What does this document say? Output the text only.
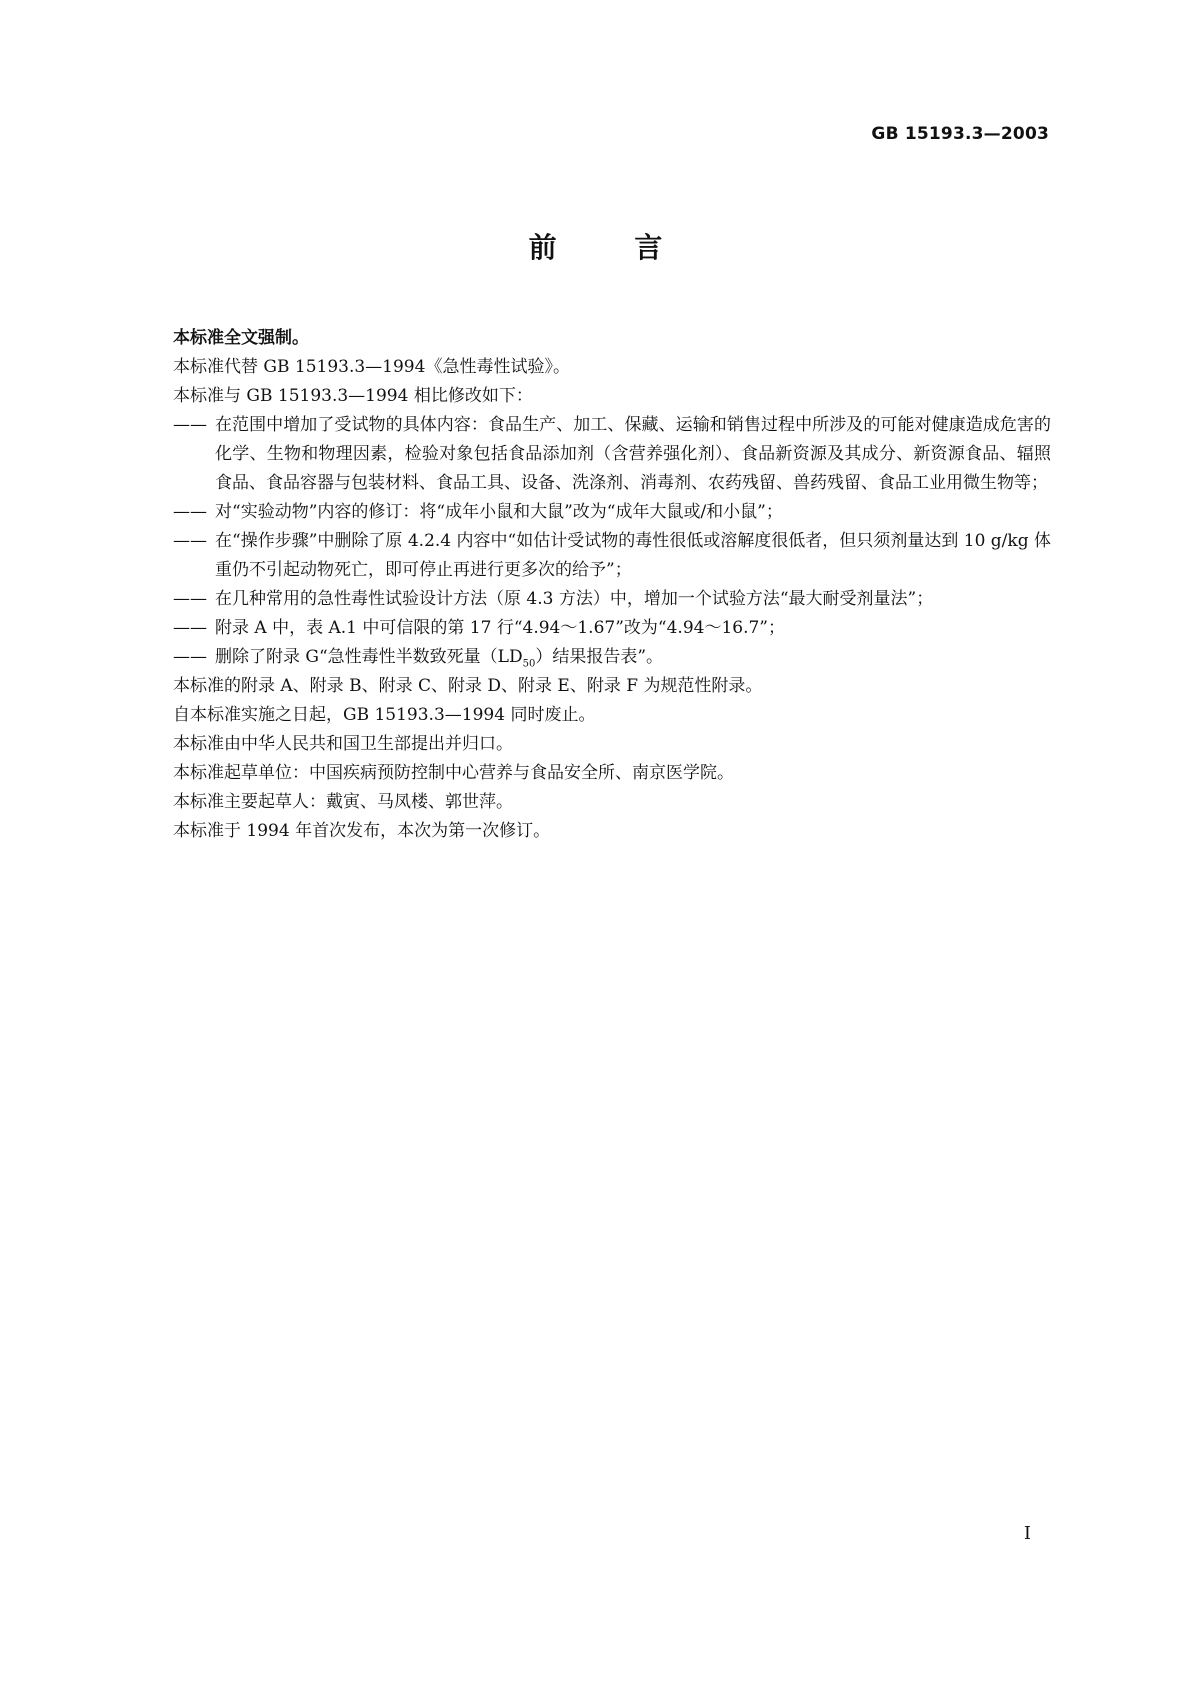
GB 15193.3—2003
前 言

本标准全文强制。

本标准代替 GB 15193.3—1994《急性毒性试验》。

本标准与 GB 15193.3—1994 相比修改如下：

—— 在范围中增加了受试物的具体内容：食品生产、加工、保藏、运输和销售过程中所涉及的可能对健康造成危害的化学、生物和物理因素，检验对象包括食品添加剂（含营养强化剂）、食品新资源及其成分、新资源食品、辐照食品、食品容器与包装材料、食品工具、设备、洗涤剂、消毒剂、农药残留、兽药残留、食品工业用微生物等；
—— 对“实验动物”内容的修订：将“成年小鼠和大鼠”改为“成年大鼠或/和小鼠”；
—— 在“操作步骤”中删除了原 4.2.4 内容中“如估计受试物的毒性很低或溶解度很低者，但只须剂量达到 10 g/kg 体重仍不引起动物死亡，即可停止再进行更多次的给予”；
—— 在几种常用的急性毒性试验设计方法（原 4.3 方法）中，增加一个试验方法“最大耐受剂量法”；
—— 附录 A 中，表 A.1 中可信限的第 17 行“4.94～1.67”改为“4.94～16.7”；
—— 删除了附录 G“急性毒性半数致死量$(LD_{50})$结果报告表”。

本标准的附录 A、附录 B、附录 C、附录 D、附录 E、附录 F 为规范性附录。

自本标准实施之日起，GB 15193.3—1994 同时废止。

本标准由中华人民共和国卫生部提出并归口。

本标准起草单位：中国疾病预防控制中心营养与食品安全所、南京医学院。

本标准主要起草人：戴寅、马凤楼、郭世萍。

本标准于 1994 年首次发布，本次为第一次修订。

I
